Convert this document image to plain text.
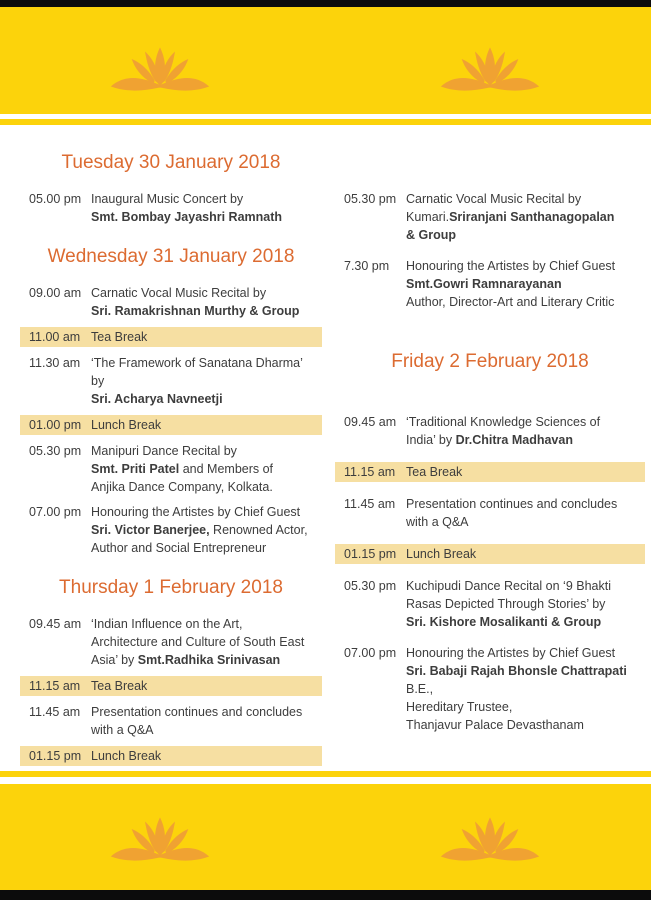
Tuesday 30 January 2018
05.00 pm Inaugural Music Concert by
Smt. Bombay Jayashri Ramnath
Wednesday 31 January 2018
09.00 am Carnatic Vocal Music Recital by
Sri. Ramakrishnan Murthy & Group
11.00 am Tea Break
11.30 am ‘The Framework of Sanatana Dharma’ by
Sri. Acharya Navneetji
01.00 pm Lunch Break
05.30 pm Manipuri Dance Recital by
Smt. Priti Patel and Members of
Anjika Dance Company, Kolkata.
07.00 pm Honouring the Artistes by Chief Guest
Sri. Victor Banerjee, Renowned Actor,
Author and Social Entrepreneur
Thursday 1 February 2018
09.45 am ‘Indian Influence on the Art,
Architecture and Culture of South East
Asia’ by Smt.Radhika Srinivasan
11.15 am Tea Break
11.45 am Presentation continues and concludes
with a Q&A
01.15 pm Lunch Break
05.30 pm Carnatic Vocal Music Recital by
Kumari.Sriranjani Santhanagopalan
& Group
7.30 pm	Honouring the Artistes by Chief Guest
Smt.Gowri Ramnarayanan
Author, Director-Art and Literary Critic
Friday 2 February 2018
09.45 am ‘Traditional Knowledge Sciences of
India’ by Dr.Chitra Madhavan
11.15 am Tea Break
11.45 am Presentation continues and concludes
with a Q&A
01.15 pm Lunch Break
05.30 pm Kuchipudi Dance Recital on ‘9 Bhakti
Rasas Depicted Through Stories’ by
Sri. Kishore Mosalikanti & Group
07.00 pm Honouring the Artistes by Chief Guest
Sri. Babaji Rajah Bhonsle Chattrapati B.E.,
Hereditary Trustee,
Thanjavur Palace Devasthanam
